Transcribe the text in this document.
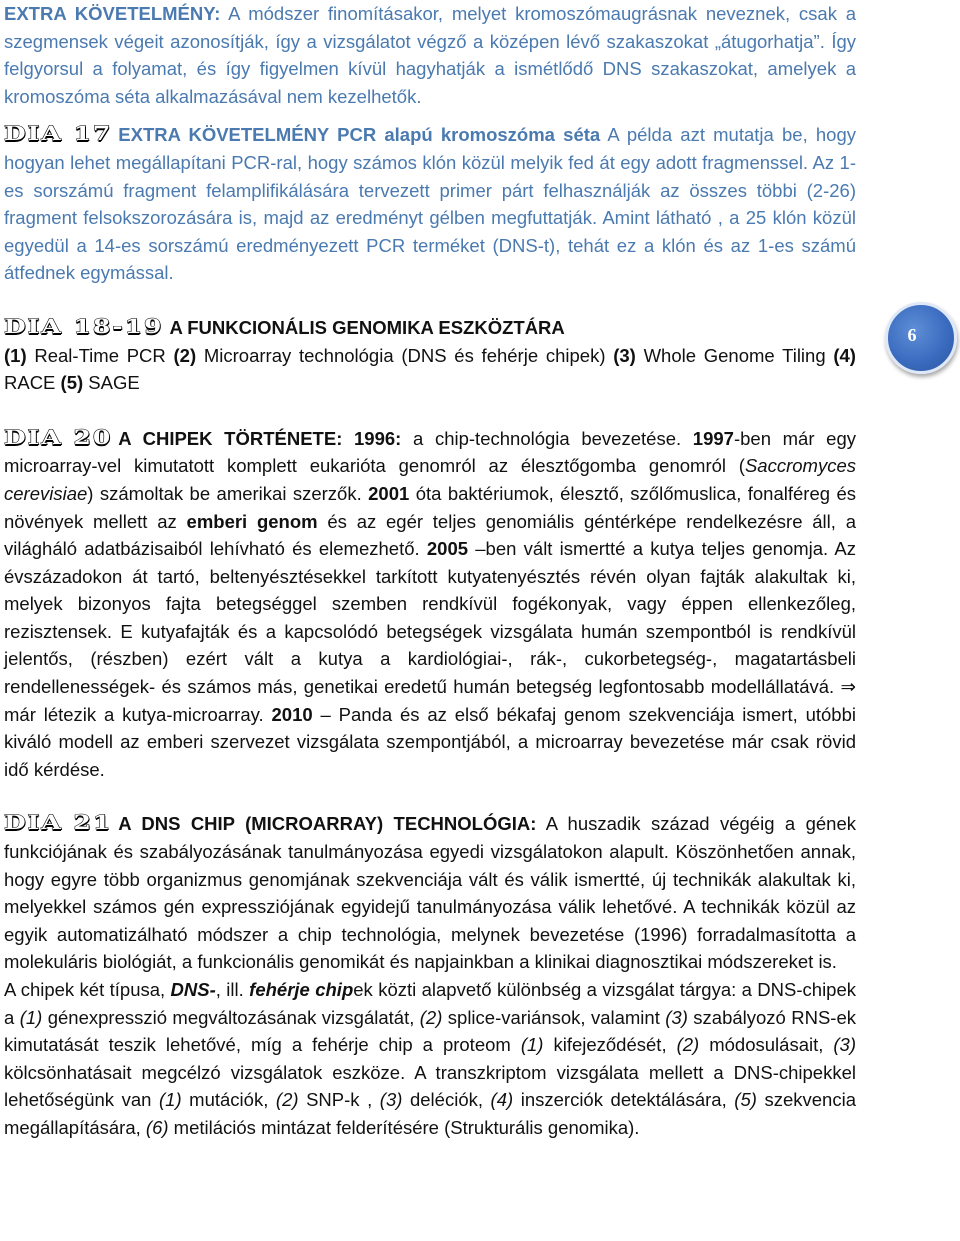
EXTRA KÖVETELMÉNY: A módszer finomításakor, melyet kromoszómaugrásnak neveznek, csak a szegmensek végeit azonosítják, így a vizsgálatot végző a középen lévő szakaszokat „átugorhatja”. Így felgyorsul a folyamat, és így figyelmen kívül hagyhatják a ismétlődő DNS szakaszokat, amelyek a kromoszóma séta alkalmazásával nem kezelhetők.

DIA 17 EXTRA KÖVETELMÉNY PCR alapú kromoszóma séta A példa azt mutatja be, hogy hogyan lehet megállapítani PCR-ral, hogy számos klón közül melyik fed át egy adott fragmenssel. Az 1-es sorszámú fragment felamplifikálására tervezett primer párt felhasználják az összes többi (2-26) fragment felsokszorozására is, majd az eredményt gélben megfuttatják. Amint látható , a 25 klón közül egyedül a 14-es sorszámú eredményezett PCR terméket (DNS-t), tehát ez a klón és az 1-es számú átfednek egymással.

DIA 18-19 A FUNKCIONÁLIS GENOMIKA ESZKÖZTÁRA
(1) Real-Time PCR (2) Microarray technológia (DNS és fehérje chipek) (3) Whole Genome Tiling (4) RACE (5) SAGE

DIA 20 A CHIPEK TÖRTÉNETE: 1996: a chip-technológia bevezetése. 1997-ben már egy microarray-vel kimutatott komplett eukarióta genomról az élesztőgomba genomról (Saccromyces cerevisiae) számoltak be amerikai szerzők. 2001 óta baktériumok, élesztő, szőlőmuslica, fonalféreg és növények mellett az emberi genom és az egér teljes genomiális géntérképe rendelkezésre áll, a világháló adatbázisaiból lehívható és elemezhető. 2005 –ben vált ismertté a kutya teljes genomja. Az évszázadokon át tartó, beltenyésztésekkel tarkított kutyatenyésztés révén olyan fajták alakultak ki, melyek bizonyos fajta betegséggel szemben rendkívül fogékonyak, vagy éppen ellenkezőleg, rezisztensek. E kutyafajták és a kapcsolódó betegségek vizsgálata humán szempontból is rendkívül jelentős, (részben) ezért vált a kutya a kardiológiai-, rák-, cukorbetegség-, magatartásbeli rendellenességek- és számos más, genetikai eredetű humán betegség legfontosabb modellállatává. ⇒ már létezik a kutya-microarray. 2010 – Panda és az első békafaj genom szekvenciája ismert, utóbbi kiváló modell az emberi szervezet vizsgálata szempontjából, a microarray bevezetése már csak rövid idő kérdése.

DIA 21 A DNS CHIP (MICROARRAY) TECHNOLÓGIA: A huszadik század végéig a gének funkciójának és szabályozásának tanulmányozása egyedi vizsgálatokon alapult. Köszönhetően annak, hogy egyre több organizmus genomjának szekvenciája vált és válik ismertté, új technikák alakultak ki, melyekkel számos gén expressziójának egyidejű tanulmányozása válik lehetővé. A technikák közül az egyik automatizálható módszer a chip technológia, melynek bevezetése (1996) forradalmasította a molekuláris biológiát, a funkcionális genomikát és napjainkban a klinikai diagnosztikai módszereket is.

A chipek két típusa, DNS-, ill. fehérje chipek közti alapvető különbség a vizsgálat tárgya: a DNS-chipek a (1) génexpresszió megváltozásának vizsgálatát, (2) splice-variánsok, valamint (3) szabályozó RNS-ek kimutatását teszik lehetővé, míg a fehérje chip a proteom (1) kifejeződését, (2) módosulásait, (3) kölcsönhatásait megcélzó vizsgálatok eszköze. A transzkriptom vizsgálata mellett a DNS-chipekkel lehetőségünk van (1) mutációk, (2) SNP-k , (3) deléciók, (4) inszerciók detektálására, (5) szekvencia megállapítására, (6) metilációs mintázat felderítésére (Strukturális genomika).

6
